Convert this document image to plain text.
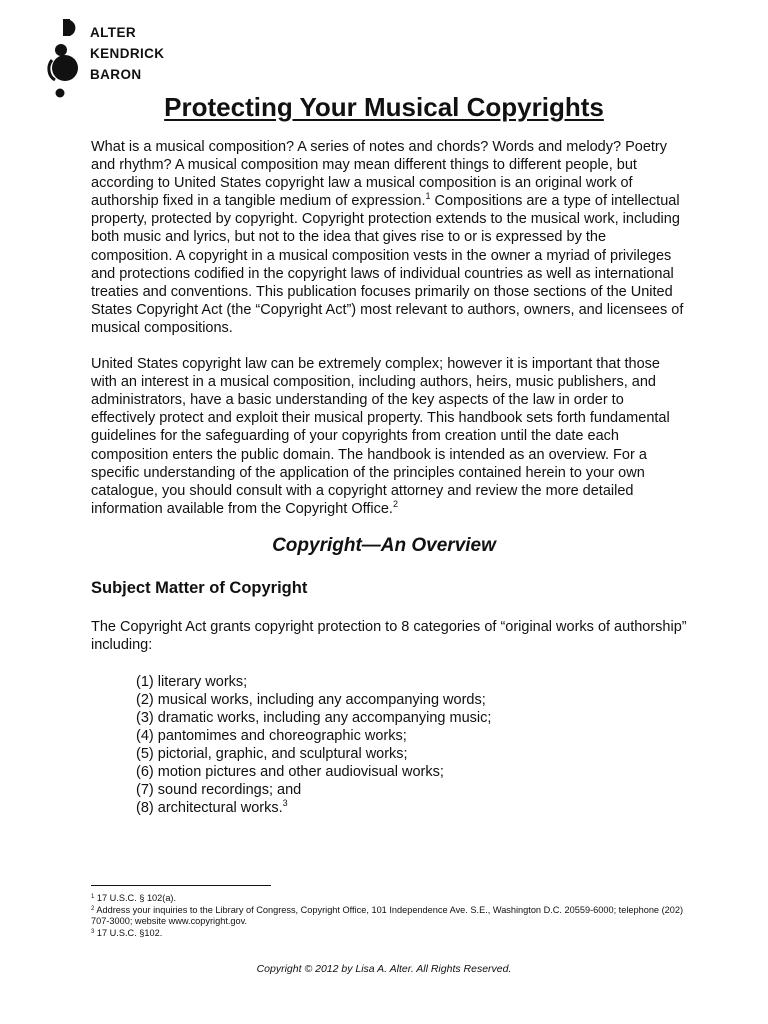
ALTER
KENDRICK
BARON
Protecting Your Musical Copyrights

What is a musical composition? A series of notes and chords? Words and melody? Poetry and rhythm? A musical composition may mean different things to different people, but according to United States copyright law a musical composition is an original work of authorship fixed in a tangible medium of expression.$^1$ Compositions are a type of intellectual property, protected by copyright. Copyright protection extends to the musical work, including both music and lyrics, but not to the idea that gives rise to or is expressed by the composition. A copyright in a musical composition vests in the owner a myriad of privileges and protections codified in the copyright laws of individual countries as well as international treaties and conventions. This publication focuses primarily on those sections of the United States Copyright Act (the “Copyright Act”) most relevant to authors, owners, and licensees of musical compositions.

United States copyright law can be extremely complex; however it is important that those with an interest in a musical composition, including authors, heirs, music publishers, and administrators, have a basic understanding of the key aspects of the law in order to effectively protect and exploit their musical property. This handbook sets forth fundamental guidelines for the safeguarding of your copyrights from creation until the date each composition enters the public domain. The handbook is intended as an overview. For a specific understanding of the application of the principles contained herein to your own catalogue, you should consult with a copyright attorney and review the more detailed information available from the Copyright Office.$^2$

Copyright—An Overview
Subject Matter of Copyright

The Copyright Act grants copyright protection to 8 categories of “original works of authorship” including:

(1) literary works;
(2) musical works, including any accompanying words;
(3) dramatic works, including any accompanying music;
(4) pantomimes and choreographic works;
(5) pictorial, graphic, and sculptural works;
(6) motion pictures and other audiovisual works;
(7) sound recordings; and
(8) architectural works.$^3$
$^1$ 17 U.S.C. § 102(a).
$^2$ Address your inquiries to the Library of Congress, Copyright Office, 101 Independence Ave. S.E., Washington D.C. 20559-6000; telephone (202) 707-3000; website www.copyright.gov.
$^3$ 17 U.S.C. §102.
Copyright © 2012 by Lisa A. Alter. All Rights Reserved.
